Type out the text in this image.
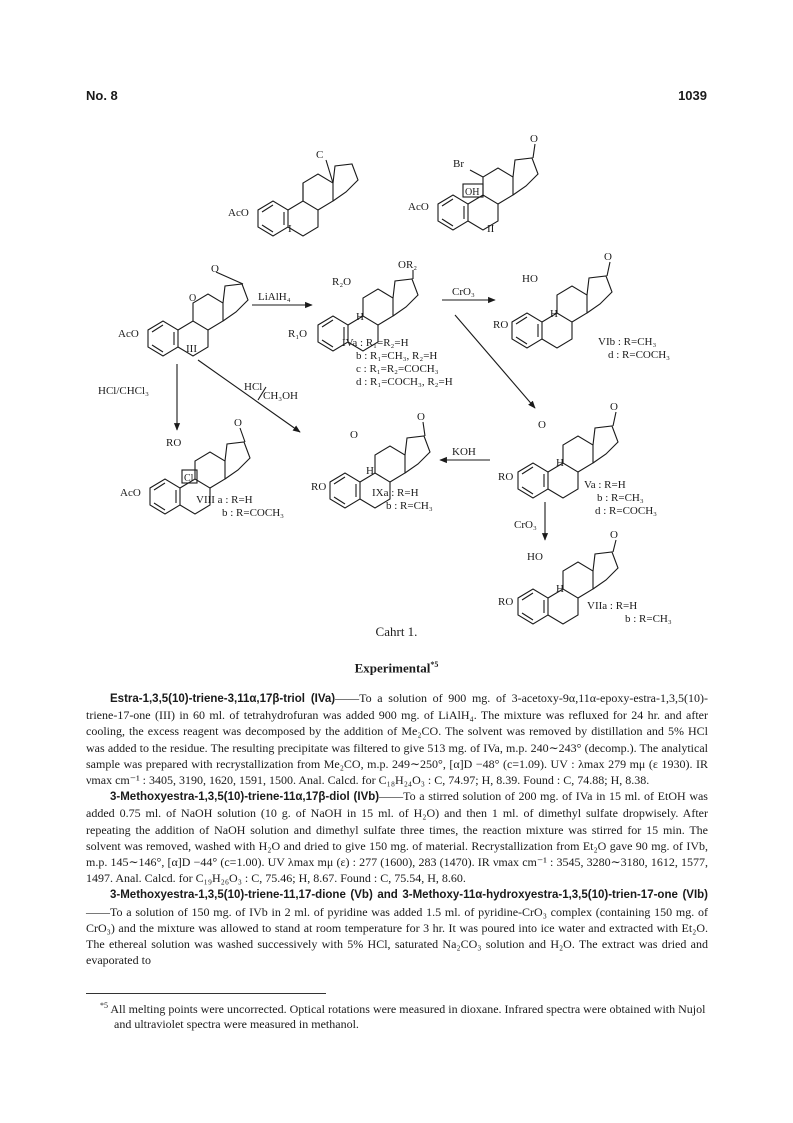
No. 8	1039
C
AcO
I
Br
O
OH
AcO
II
O
O
AcO
III
LiAlH₄
OR₂
R₂O
R₁O
H
IVa : R₁=R₂=H
b : R₁=CH₃, R₂=H
c : R₁=R₂=COCH₃
d : R₁=COCH₃, R₂=H
CrO₃
O
HO
RO
H
VIb : R=CH₃
d : R=COCH₃
HCl/CHCl₃	HCl
CH₃OH
O
RO
Cl
AcO
VIII a : R=H
b : R=COCH₃
O
O
RO
H
IXa : R=H
b : R=CH₃
KOH
O
O
RO
H
Va : R=H
b : R=CH₃
d : R=COCH₃
CrO₃
O
HO
RO
H
VIIa : R=H
b : R=CH₃
Cahrt 1.
Experimental$^{*5}$

Estra-1,3,5(10)-triene-3,11α,17β-triol (IVa)——To a solution of 900 mg. of 3-acetoxy-9α,11α-epoxy-estra-1,3,5(10)-triene-17-one (III) in 60 ml. of tetrahydrofuran was added 900 mg. of LiAlH₄. The mixture was refluxed for 24 hr. and after cooling, the excess reagent was decomposed by the addition of Me₂CO. The solvent was removed by distillation and 5% HCl was added to the residue. The resulting precipitate was filtered to give 513 mg. of IVa, m.p. 240∼243° (decomp.). The analytical sample was prepared with recrystallization from Me₂CO, m.p. 249∼250°, [α]D −48° (c=1.09). UV : λmax 279 mμ (ε 1930). IR νmax cm⁻¹ : 3405, 3190, 1620, 1591, 1500. Anal. Calcd. for C₁₈H₂₄O₃ : C, 74.97; H, 8.39. Found : C, 74.88; H, 8.38.

3-Methoxyestra-1,3,5(10)-triene-11α,17β-diol (IVb)——To a stirred solution of 200 mg. of IVa in 15 ml. of EtOH was added 0.75 ml. of NaOH solution (10 g. of NaOH in 15 ml. of H₂O) and then 1 ml. of dimethyl sulfate dropwisely. After repeating the addition of NaOH solution and dimethyl sulfate three times, the reaction mixture was stirred for 15 min. The solvent was removed, washed with H₂O and dried to give 150 mg. of material. Recrystallization from Et₂O gave 90 mg. of IVb, m.p. 145∼146°, [α]D −44° (c=1.00). UV λmax mμ (ε) : 277 (1600), 283 (1470). IR νmax cm⁻¹ : 3545, 3280∼3180, 1612, 1577, 1497. Anal. Calcd. for C₁₉H₂₆O₃ : C, 75.46; H, 8.67. Found : C, 75.54, H, 8.60.

3-Methoxyestra-1,3,5(10)-triene-11,17-dione (Vb) and 3-Methoxy-11α-hydroxyestra-1,3,5(10)-trien-17-one (VIb)——To a solution of 150 mg. of IVb in 2 ml. of pyridine was added 1.5 ml. of pyridine-CrO₃ complex (containing 150 mg. of CrO₃) and the mixture was allowed to stand at room temperature for 3 hr. It was poured into ice water and extracted with Et₂O. The ethereal solution was washed successively with 5% HCl, saturated Na₂CO₃ solution and H₂O. The extract was dried and evaporated to

$^{*5}$ All melting points were uncorrected. Optical rotations were measured in dioxane. Infrared spectra were obtained with Nujol and ultraviolet spectra were measured in methanol.
